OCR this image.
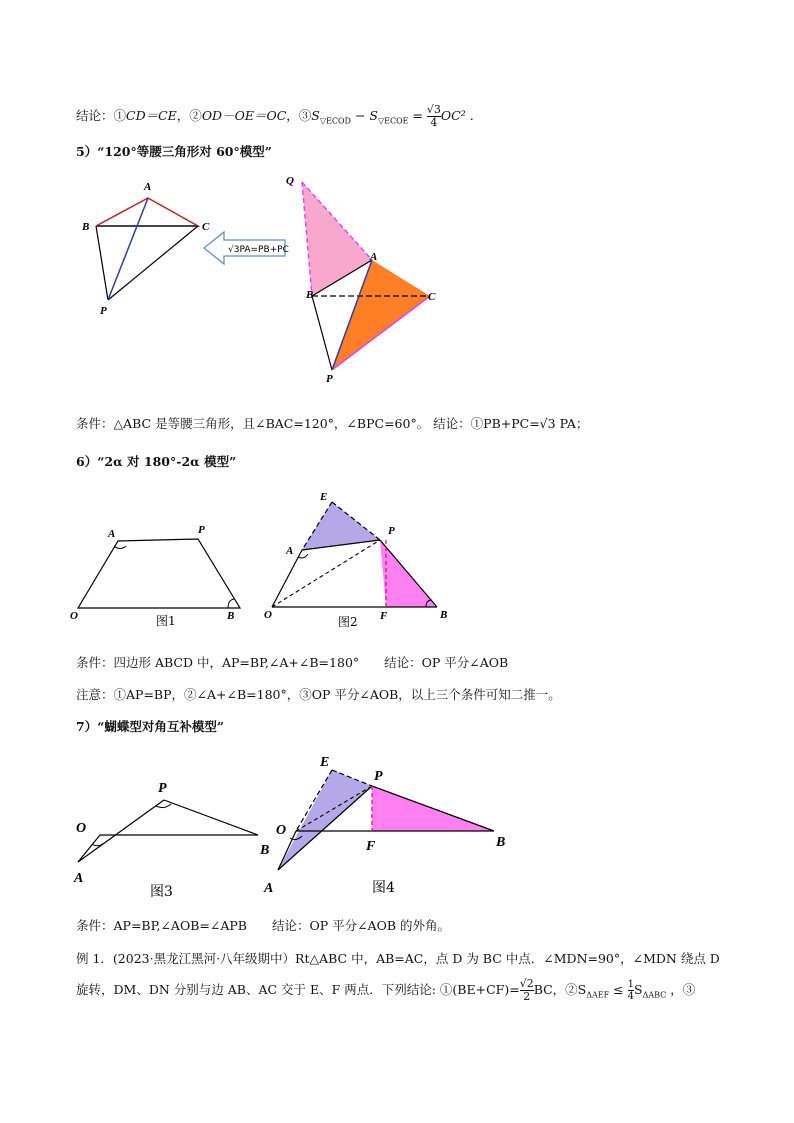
结论：①CD＝CE，②OD－OE＝OC，$③S_{▽ECOD} - S_{▽ECOE} = \frac{√3}{4} OC^2$ .
5）“120°等腰三角形对 60°模型”
A
B	C
P
√3PA=PB+PC
Q
A
B	C
P
条件：△ABC 是等腰三角形，且∠BAC=120°，∠BPC=60°。 结论：①PB+PC=√3 PA；
6）“2α 对 180°-2α 模型”
A	P
O	B
图1
E
P
A
O	F	B
图2
条件：四边形 ABCD 中，AP=BP,∠A+∠B=180°　　结论：OP 平分∠AOB
注意：①AP=BP，②∠A+∠B=180°，③OP 平分∠AOB，以上三个条件可知二推一。
7）“蝴蝶型对角互补模型”
P
O
A
B
图3
E
P
O
F
A
B
图4
条件：AP=BP,∠AOB=∠APB　　结论：OP 平分∠AOB 的外角。
例 1．(2023·黑龙江黑河·八年级期中）Rt△ABC 中，AB=AC，点 D 为 BC 中点．∠MDN=90°，∠MDN 绕点 D
旋转，DM、DN 分别与边 AB、AC 交于 E、F 两点．下列结论: ①(BE+CF)= $\frac{√2}{2}$ BC，$②S_{\Delta AEF} \le \frac{1}{4} S_{\Delta ABC}$ ，③
